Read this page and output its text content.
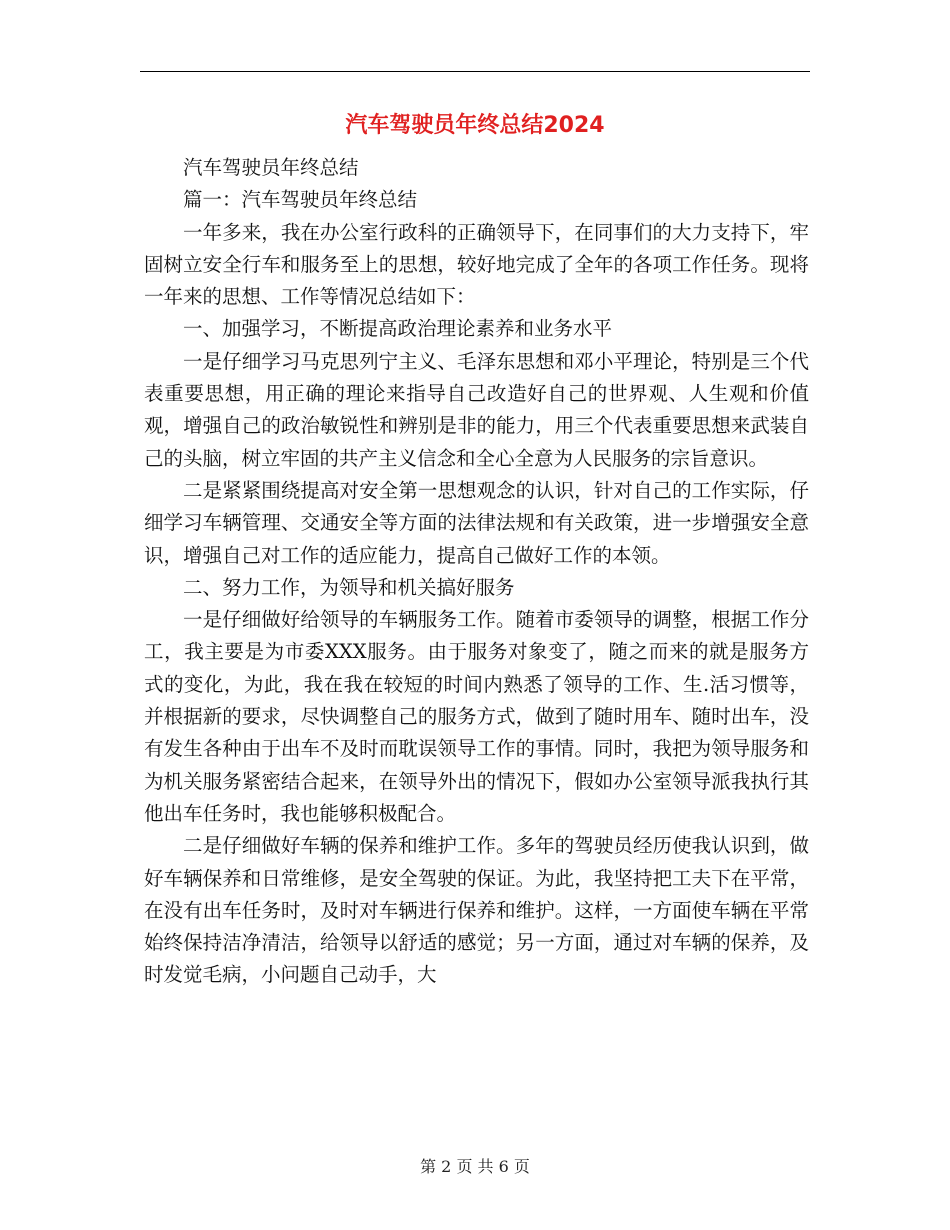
汽车驾驶员年终总结2024

汽车驾驶员年终总结

篇一：汽车驾驶员年终总结

一年多来，我在办公室行政科的正确领导下，在同事们的大力支持下，牢固树立安全行车和服务至上的思想，较好地完成了全年的各项工作任务。现将一年来的思想、工作等情况总结如下：

一、加强学习，不断提高政治理论素养和业务水平

一是仔细学习马克思列宁主义、毛泽东思想和邓小平理论，特别是三个代表重要思想，用正确的理论来指导自己改造好自己的世界观、人生观和价值观，增强自己的政治敏锐性和辨别是非的能力，用三个代表重要思想来武装自己的头脑，树立牢固的共产主义信念和全心全意为人民服务的宗旨意识。

二是紧紧围绕提高对安全第一思想观念的认识，针对自己的工作实际，仔细学习车辆管理、交通安全等方面的法律法规和有关政策，进一步增强安全意识，增强自己对工作的适应能力，提高自己做好工作的本领。

二、努力工作，为领导和机关搞好服务

一是仔细做好给领导的车辆服务工作。随着市委领导的调整，根据工作分工，我主要是为市委XXX服务。由于服务对象变了，随之而来的就是服务方式的变化，为此，我在我在较短的时间内熟悉了领导的工作、生.活习惯等，并根据新的要求，尽快调整自己的服务方式，做到了随时用车、随时出车，没有发生各种由于出车不及时而耽误领导工作的事情。同时，我把为领导服务和为机关服务紧密结合起来，在领导外出的情况下，假如办公室领导派我执行其他出车任务时，我也能够积极配合。

二是仔细做好车辆的保养和维护工作。多年的驾驶员经历使我认识到，做好车辆保养和日常维修，是安全驾驶的保证。为此，我坚持把工夫下在平常，在没有出车任务时，及时对车辆进行保养和维护。这样，一方面使车辆在平常始终保持洁净清洁，给领导以舒适的感觉；另一方面，通过对车辆的保养，及时发觉毛病，小问题自己动手，大

第 2 页 共 6 页
